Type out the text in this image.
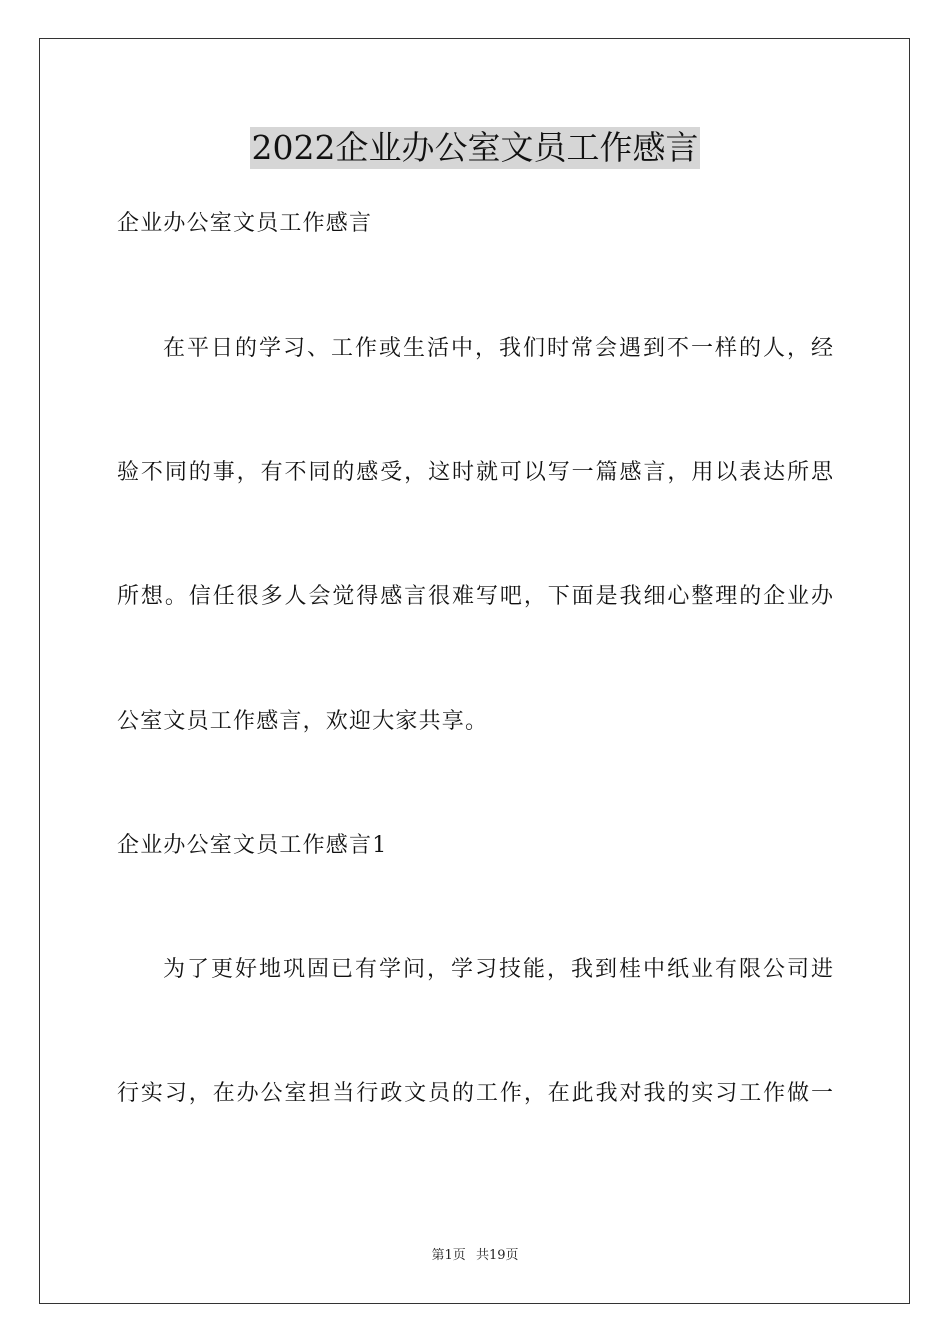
2022企业办公室文员工作感言
企业办公室文员工作感言
在平日的学习、工作或生活中，我们时常会遇到不一样的人，经
验不同的事，有不同的感受，这时就可以写一篇感言，用以表达所思
所想。信任很多人会觉得感言很难写吧，下面是我细心整理的企业办
公室文员工作感言，欢迎大家共享。
企业办公室文员工作感言1
为了更好地巩固已有学问，学习技能，我到桂中纸业有限公司进
行实习，在办公室担当行政文员的工作，在此我对我的实习工作做一
第1页 共19页
